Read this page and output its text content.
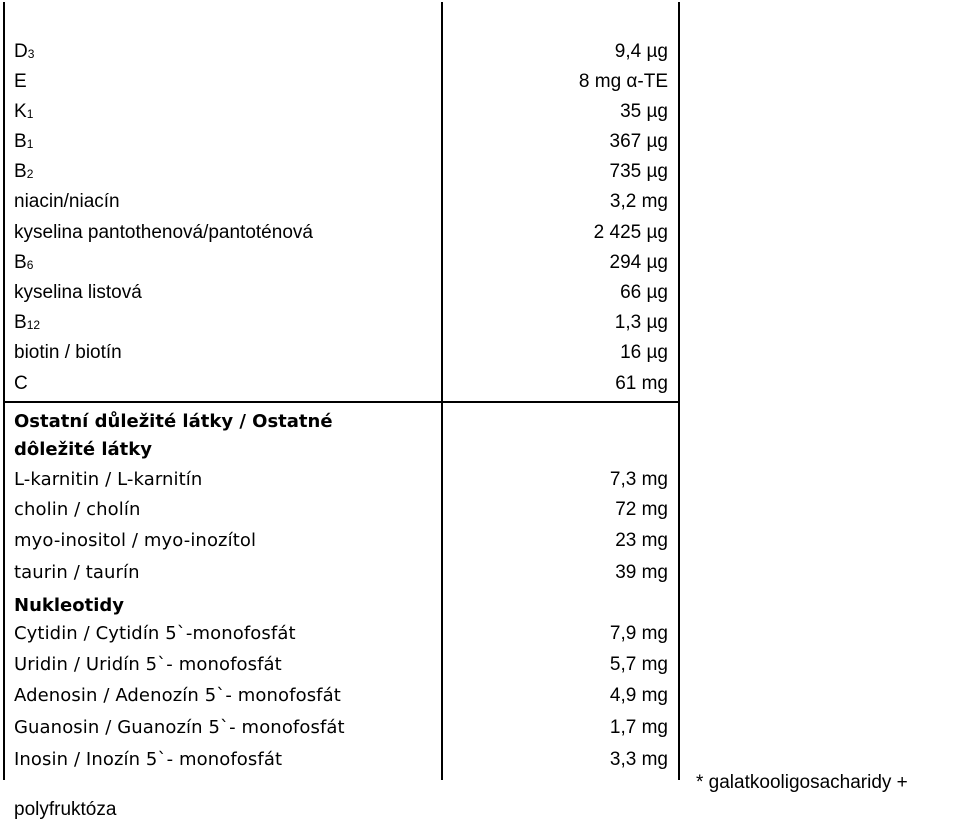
$D_3$	9,4 µg
E	8 mg α-TE
$K_1$	35 µg
$B_1$	367 µg
$B_2$	735 µg
niacin/niacín	3,2 mg
kyselina pantothenová/pantoténová	2 425 µg
$B_6$	294 µg
kyselina listová	66 µg
$B_{12}$	1,3 µg
biotin / biotín	16 µg
C	61 mg
Ostatní důležité látky / Ostatné
dôležité látky
L-karnitin / L-karnitín	7,3 mg
cholin / cholín	72 mg
myo-inositol / myo-inozítol	23 mg
taurin / taurín	39 mg
Nukleotidy
Cytidin / Cytidín 5`-monofosfát	7,9 mg
Uridin / Uridín 5`- monofosfát	5,7 mg
Adenosin / Adenozín 5`- monofosfát	4,9 mg
Guanosin / Guanozín 5`- monofosfát	1,7 mg
Inosin / Inozín 5`- monofosfát	3,3 mg
* galatkooligosacharidy +
polyfruktóza
